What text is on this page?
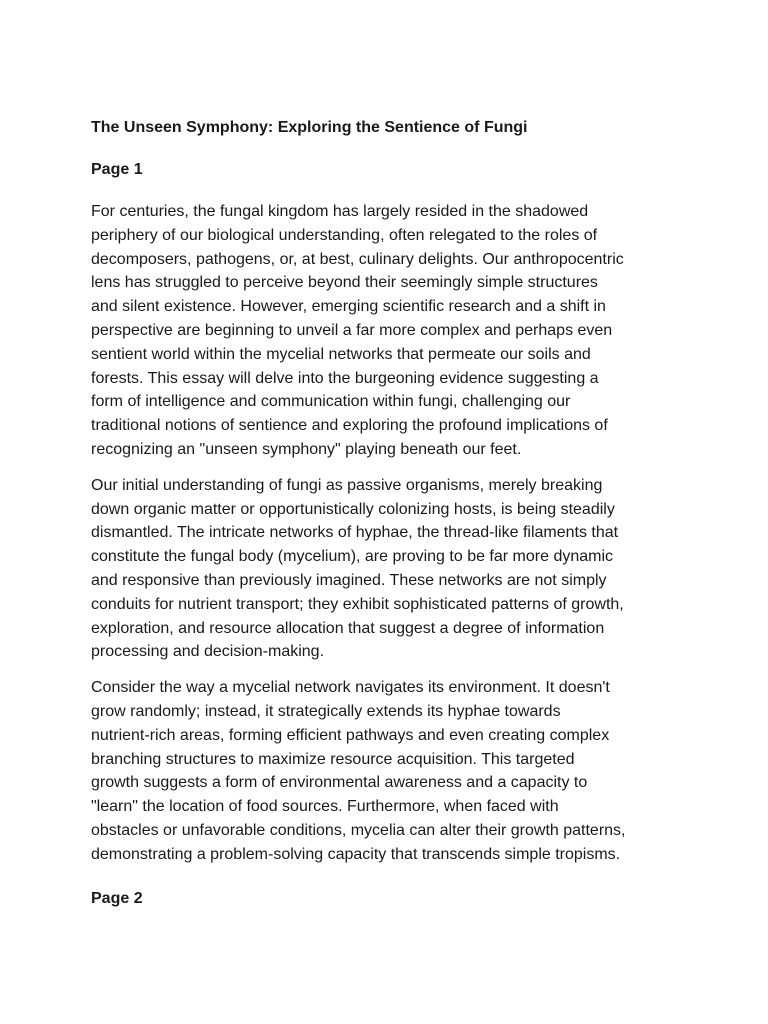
The Unseen Symphony: Exploring the Sentience of Fungi
Page 1
For centuries, the fungal kingdom has largely resided in the shadowed
periphery of our biological understanding, often relegated to the roles of
decomposers, pathogens, or, at best, culinary delights. Our anthropocentric
lens has struggled to perceive beyond their seemingly simple structures
and silent existence. However, emerging scientific research and a shift in
perspective are beginning to unveil a far more complex and perhaps even
sentient world within the mycelial networks that permeate our soils and
forests. This essay will delve into the burgeoning evidence suggesting a
form of intelligence and communication within fungi, challenging our
traditional notions of sentience and exploring the profound implications of
recognizing an "unseen symphony" playing beneath our feet.
Our initial understanding of fungi as passive organisms, merely breaking
down organic matter or opportunistically colonizing hosts, is being steadily
dismantled. The intricate networks of hyphae, the thread-like filaments that
constitute the fungal body (mycelium), are proving to be far more dynamic
and responsive than previously imagined. These networks are not simply
conduits for nutrient transport; they exhibit sophisticated patterns of growth,
exploration, and resource allocation that suggest a degree of information
processing and decision-making.
Consider the way a mycelial network navigates its environment. It doesn't
grow randomly; instead, it strategically extends its hyphae towards
nutrient-rich areas, forming efficient pathways and even creating complex
branching structures to maximize resource acquisition. This targeted
growth suggests a form of environmental awareness and a capacity to
"learn" the location of food sources. Furthermore, when faced with
obstacles or unfavorable conditions, mycelia can alter their growth patterns,
demonstrating a problem-solving capacity that transcends simple tropisms.
Page 2
